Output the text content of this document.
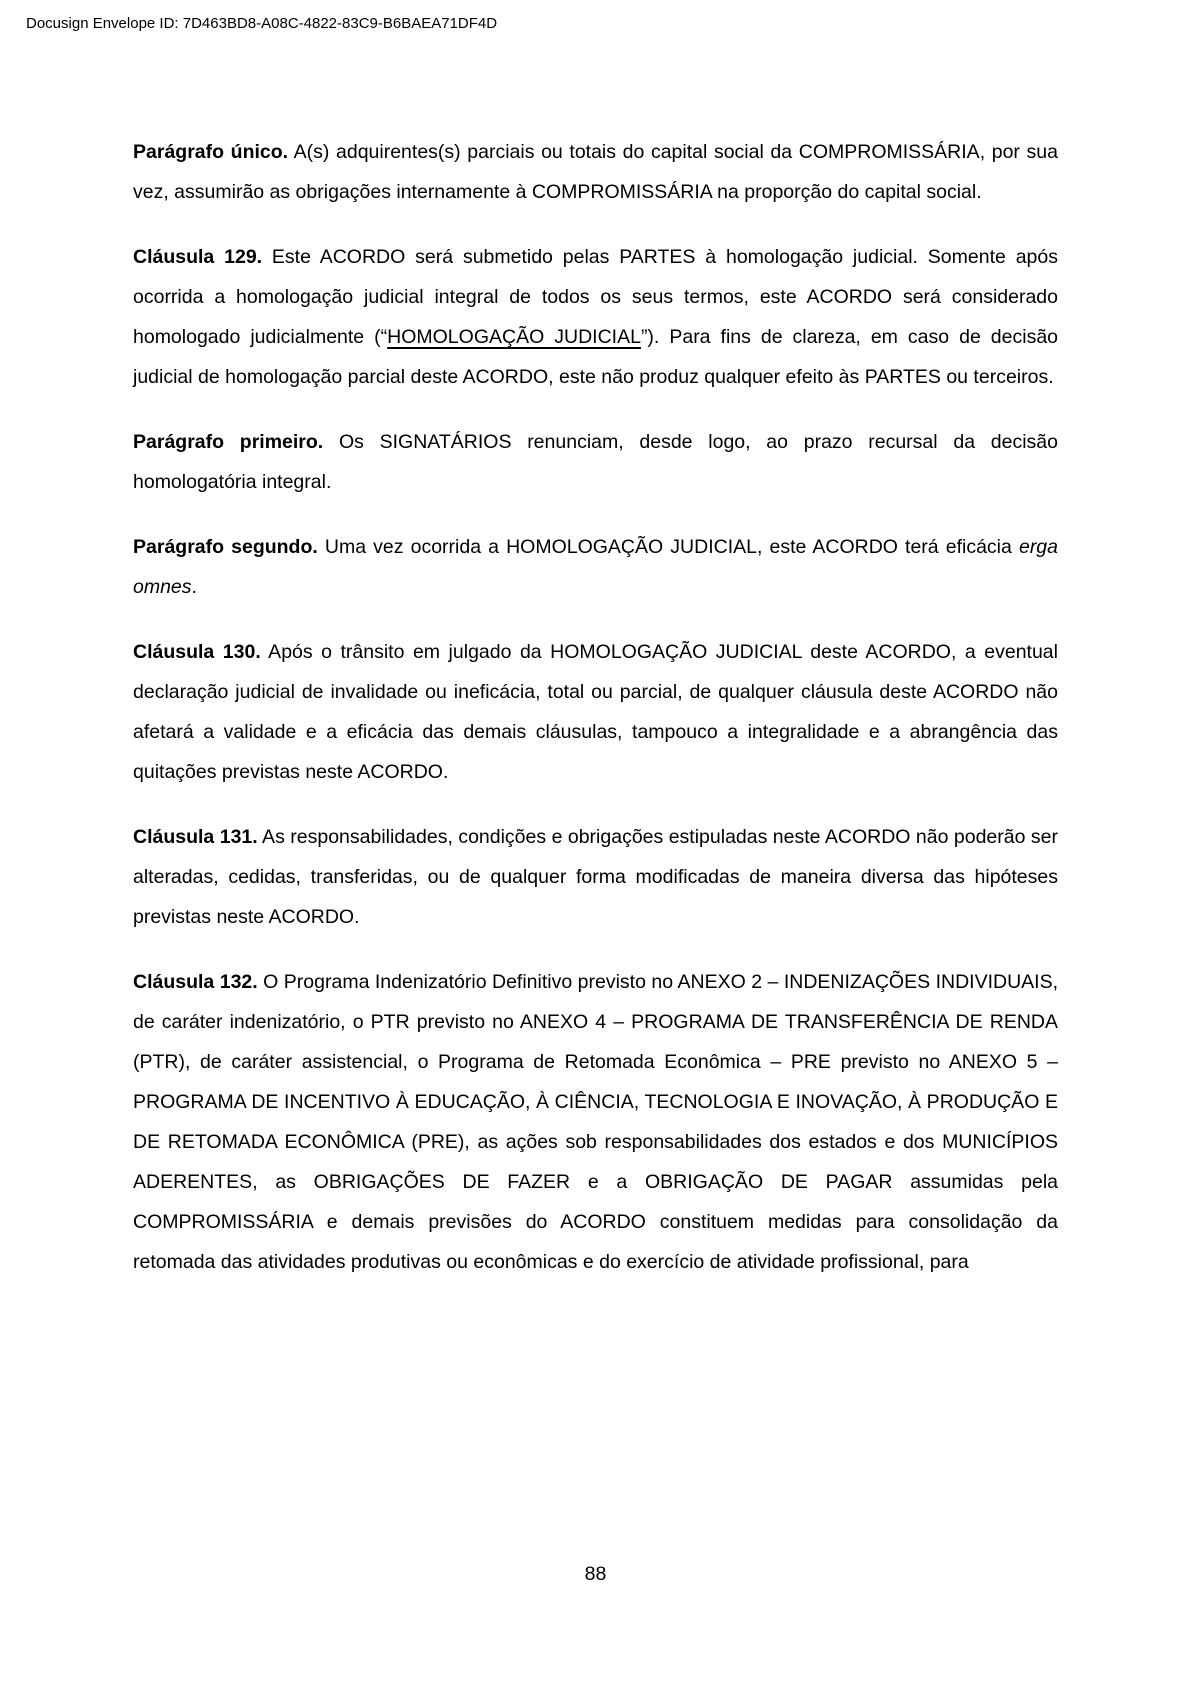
Docusign Envelope ID: 7D463BD8-A08C-4822-83C9-B6BAEA71DF4D

Parágrafo único. A(s) adquirentes(s) parciais ou totais do capital social da COMPROMISSÁRIA, por sua vez, assumirão as obrigações internamente à COMPROMISSÁRIA na proporção do capital social.

Cláusula 129. Este ACORDO será submetido pelas PARTES à homologação judicial. Somente após ocorrida a homologação judicial integral de todos os seus termos, este ACORDO será considerado homologado judicialmente (“HOMOLOGAÇÃO JUDICIAL”). Para fins de clareza, em caso de decisão judicial de homologação parcial deste ACORDO, este não produz qualquer efeito às PARTES ou terceiros.

Parágrafo primeiro. Os SIGNATÁRIOS renunciam, desde logo, ao prazo recursal da decisão homologatória integral.

Parágrafo segundo. Uma vez ocorrida a HOMOLOGAÇÃO JUDICIAL, este ACORDO terá eficácia erga omnes.

Cláusula 130. Após o trânsito em julgado da HOMOLOGAÇÃO JUDICIAL deste ACORDO, a eventual declaração judicial de invalidade ou ineficácia, total ou parcial, de qualquer cláusula deste ACORDO não afetará a validade e a eficácia das demais cláusulas, tampouco a integralidade e a abrangência das quitações previstas neste ACORDO.

Cláusula 131. As responsabilidades, condições e obrigações estipuladas neste ACORDO não poderão ser alteradas, cedidas, transferidas, ou de qualquer forma modificadas de maneira diversa das hipóteses previstas neste ACORDO.

Cláusula 132. O Programa Indenizatório Definitivo previsto no ANEXO 2 – INDENIZAÇÕES INDIVIDUAIS, de caráter indenizatório, o PTR previsto no ANEXO 4 – PROGRAMA DE TRANSFERÊNCIA DE RENDA (PTR), de caráter assistencial, o Programa de Retomada Econômica – PRE previsto no ANEXO 5 – PROGRAMA DE INCENTIVO À EDUCAÇÃO, À CIÊNCIA, TECNOLOGIA E INOVAÇÃO, À PRODUÇÃO E DE RETOMADA ECONÔMICA (PRE), as ações sob responsabilidades dos estados e dos MUNICÍPIOS ADERENTES, as OBRIGAÇÕES DE FAZER e a OBRIGAÇÃO DE PAGAR assumidas pela COMPROMISSÁRIA e demais previsões do ACORDO constituem medidas para consolidação da retomada das atividades produtivas ou econômicas e do exercício de atividade profissional, para

88
